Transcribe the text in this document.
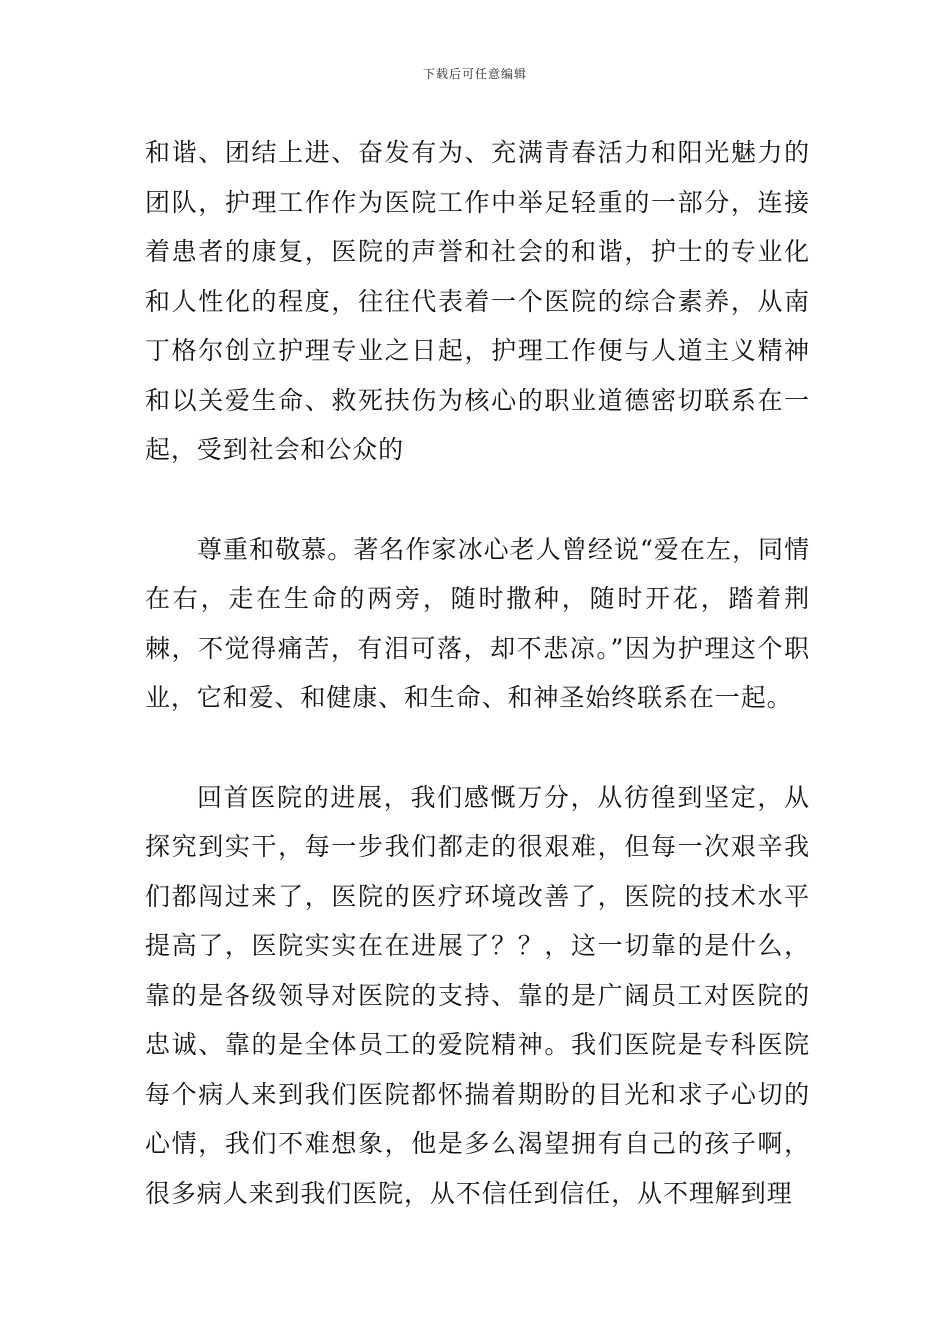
下载后可任意编辑

和谐、团结上进、奋发有为、充满青春活力和阳光魅力的团队，护理工作作为医院工作中举足轻重的一部分，连接着患者的康复，医院的声誉和社会的和谐，护士的专业化和人性化的程度，往往代表着一个医院的综合素养，从南丁格尔创立护理专业之日起，护理工作便与人道主义精神和以关爱生命、救死扶伤为核心的职业道德密切联系在一起，受到社会和公众的

尊重和敬慕。著名作家冰心老人曾经说“爱在左，同情在右，走在生命的两旁，随时撒种，随时开花，踏着荆棘，不觉得痛苦，有泪可落，却不悲凉。”因为护理这个职业，它和爱、和健康、和生命、和神圣始终联系在一起。

回首医院的进展，我们感慨万分，从彷徨到坚定，从探究到实干，每一步我们都走的很艰难，但每一次艰辛我们都闯过来了，医院的医疗环境改善了，医院的技术水平提高了，医院实实在在进展了？？，这一切靠的是什么，靠的是各级领导对医院的支持、靠的是广阔员工对医院的忠诚、靠的是全体员工的爱院精神。我们医院是专科医院每个病人来到我们医院都怀揣着期盼的目光和求子心切的心情，我们不难想象，他是多么渴望拥有自己的孩子啊，很多病人来到我们医院，从不信任到信任，从不理解到理
